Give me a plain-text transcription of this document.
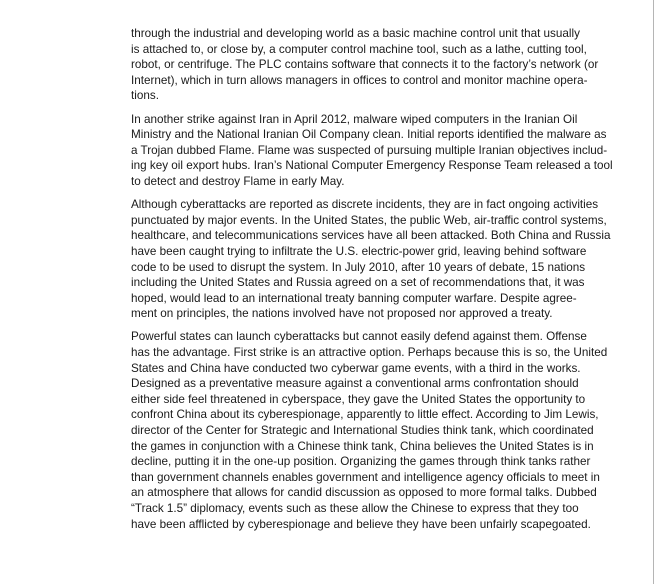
through the industrial and developing world as a basic machine control unit that usually
is attached to, or close by, a computer control machine tool, such as a lathe, cutting tool,
robot, or centrifuge. The PLC contains software that connects it to the factory’s network (or
Internet), which in turn allows managers in offices to control and monitor machine opera-
tions.

In another strike against Iran in April 2012, malware wiped computers in the Iranian Oil
Ministry and the National Iranian Oil Company clean. Initial reports identified the malware as
a Trojan dubbed Flame. Flame was suspected of pursuing multiple Iranian objectives includ-
ing key oil export hubs. Iran’s National Computer Emergency Response Team released a tool
to detect and destroy Flame in early May.

Although cyberattacks are reported as discrete incidents, they are in fact ongoing activities
punctuated by major events. In the United States, the public Web, air-traffic control systems,
healthcare, and telecommunications services have all been attacked. Both China and Russia
have been caught trying to infiltrate the U.S. electric-power grid, leaving behind software
code to be used to disrupt the system. In July 2010, after 10 years of debate, 15 nations
including the United States and Russia agreed on a set of recommendations that, it was
hoped, would lead to an international treaty banning computer warfare. Despite agree-
ment on principles, the nations involved have not proposed nor approved a treaty.

Powerful states can launch cyberattacks but cannot easily defend against them. Offense
has the advantage. First strike is an attractive option. Perhaps because this is so, the United
States and China have conducted two cyberwar game events, with a third in the works.
Designed as a preventative measure against a conventional arms confrontation should
either side feel threatened in cyberspace, they gave the United States the opportunity to
confront China about its cyberespionage, apparently to little effect. According to Jim Lewis,
director of the Center for Strategic and International Studies think tank, which coordinated
the games in conjunction with a Chinese think tank, China believes the United States is in
decline, putting it in the one-up position. Organizing the games through think tanks rather
than government channels enables government and intelligence agency officials to meet in
an atmosphere that allows for candid discussion as opposed to more formal talks. Dubbed
“Track 1.5” diplomacy, events such as these allow the Chinese to express that they too
have been afflicted by cyberespionage and believe they have been unfairly scapegoated.
